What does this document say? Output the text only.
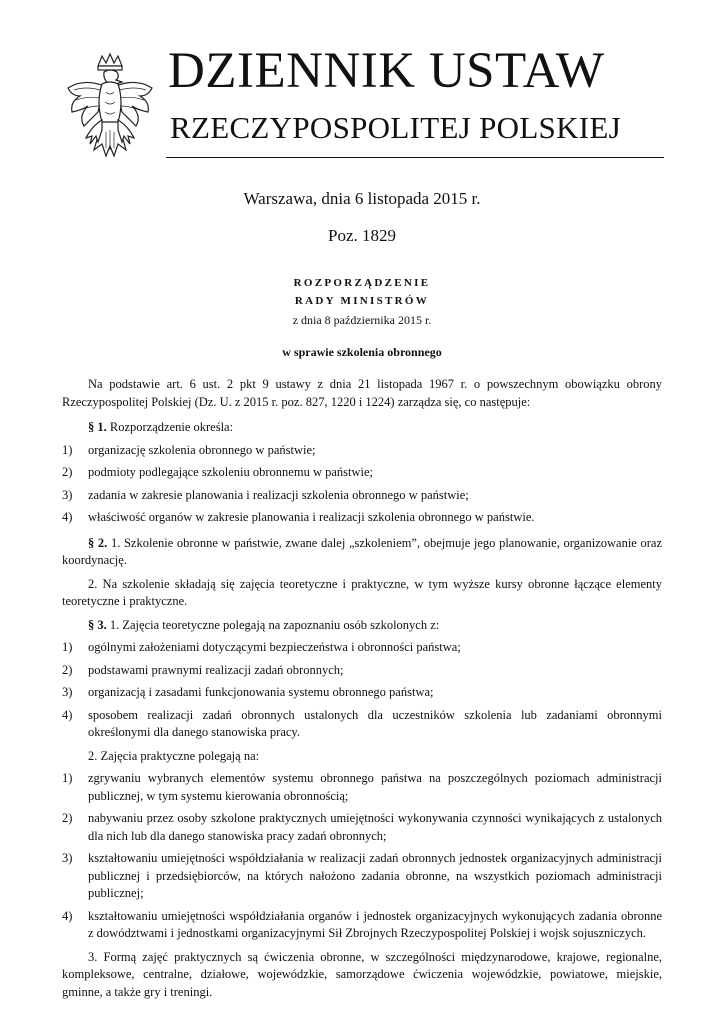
DZIENNIK USTAW
RZECZYPOSPOLITEJ POLSKIEJ
Warszawa, dnia 6 listopada 2015 r.
Poz. 1829
ROZPORZĄDZENIE
RADY MINISTRÓW
z dnia 8 października 2015 r.
w sprawie szkolenia obronnego

Na podstawie art. 6 ust. 2 pkt 9 ustawy z dnia 21 listopada 1967 r. o powszechnym obowiązku obrony Rzeczypospolitej Polskiej (Dz. U. z 2015 r. poz. 827, 1220 i 1224) zarządza się, co następuje:

§ 1. Rozporządzenie określa:

1) organizację szkolenia obronnego w państwie;
2) podmioty podlegające szkoleniu obronnemu w państwie;
3) zadania w zakresie planowania i realizacji szkolenia obronnego w państwie;
4) właściwość organów w zakresie planowania i realizacji szkolenia obronnego w państwie.

§ 2. 1. Szkolenie obronne w państwie, zwane dalej „szkoleniem”, obejmuje jego planowanie, organizowanie oraz koordynację.

2. Na szkolenie składają się zajęcia teoretyczne i praktyczne, w tym wyższe kursy obronne łączące elementy teoretyczne i praktyczne.

§ 3. 1. Zajęcia teoretyczne polegają na zapoznaniu osób szkolonych z:

1) ogólnymi założeniami dotyczącymi bezpieczeństwa i obronności państwa;
2) podstawami prawnymi realizacji zadań obronnych;
3) organizacją i zasadami funkcjonowania systemu obronnego państwa;
4) sposobem realizacji zadań obronnych ustalonych dla uczestników szkolenia lub zadaniami obronnymi określonymi dla danego stanowiska pracy.

2. Zajęcia praktyczne polegają na:

1) zgrywaniu wybranych elementów systemu obronnego państwa na poszczególnych poziomach administracji publicznej, w tym systemu kierowania obronnością;
2) nabywaniu przez osoby szkolone praktycznych umiejętności wykonywania czynności wynikających z ustalonych dla nich lub dla danego stanowiska pracy zadań obronnych;
3) kształtowaniu umiejętności współdziałania w realizacji zadań obronnych jednostek organizacyjnych administracji publicznej i przedsiębiorców, na których nałożono zadania obronne, na wszystkich poziomach administracji publicznej;
4) kształtowaniu umiejętności współdziałania organów i jednostek organizacyjnych wykonujących zadania obronne z dowództwami i jednostkami organizacyjnymi Sił Zbrojnych Rzeczypospolitej Polskiej i wojsk sojuszniczych.

3. Formą zajęć praktycznych są ćwiczenia obronne, w szczególności międzynarodowe, krajowe, regionalne, kompleksowe, centralne, działowe, wojewódzkie, samorządowe ćwiczenia wojewódzkie, powiatowe, miejskie, gminne, a także gry i treningi.
